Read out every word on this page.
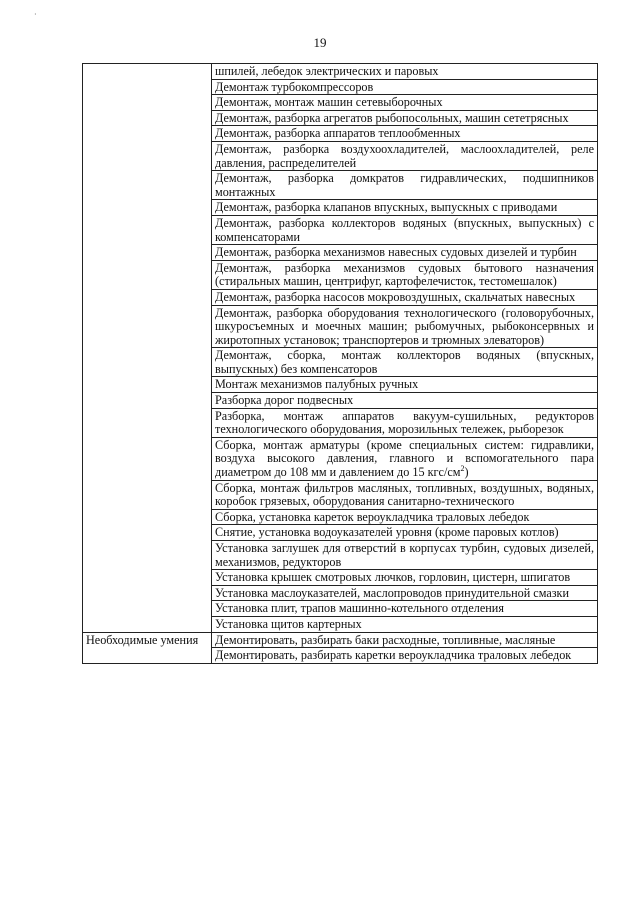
·
19
	шпилей, лебедок электрических и паровых
	Демонтаж турбокомпрессоров
	Демонтаж, монтаж машин сетевыборочных
	Демонтаж, разборка агрегатов рыбопосольных, машин сететрясных
	Демонтаж, разборка аппаратов теплообменных
	Демонтаж, разборка воздухоохладителей, маслоохладителей, реле давления, распределителей
	Демонтаж, разборка домкратов гидравлических, подшипников монтажных
	Демонтаж, разборка клапанов впускных, выпускных с приводами
	Демонтаж, разборка коллекторов водяных (впускных, выпускных) с компенсаторами
	Демонтаж, разборка механизмов навесных судовых дизелей и турбин
	Демонтаж, разборка механизмов судовых бытового назначения (стиральных машин, центрифуг, картофелечисток, тестомешалок)
	Демонтаж, разборка насосов мокровоздушных, скальчатых навесных
	Демонтаж, разборка оборудования технологического (головорубочных, шкуросъемных и моечных машин; рыбомучных, рыбоконсервных и жиротопных установок; транспортеров и трюмных элеваторов)
	Демонтаж, сборка, монтаж коллекторов водяных (впускных, выпускных) без компенсаторов
	Монтаж механизмов палубных ручных
	Разборка дорог подвесных
	Разборка, монтаж аппаратов вакуум-сушильных, редукторов технологического оборудования, морозильных тележек, рыборезок
	Сборка, монтаж арматуры (кроме специальных систем: гидравлики, воздуха высокого давления, главного и вспомогательного пара диаметром до 108 мм и давлением до 15 кгс/$см^2$)
	Сборка, монтаж фильтров масляных, топливных, воздушных, водяных, коробок грязевых, оборудования санитарно-технического
	Сборка, установка кареток вероукладчика траловых лебедок
	Снятие, установка водоуказателей уровня (кроме паровых котлов)
	Установка заглушек для отверстий в корпусах турбин, судовых дизелей, механизмов, редукторов
	Установка крышек смотровых лючков, горловин, цистерн, шпигатов
	Установка маслоуказателей, маслопроводов принудительной смазки
	Установка плит, трапов машинно-котельного отделения
	Установка щитов картерных
Необходимые умения	Демонтировать, разбирать баки расходные, топливные, масляные
	Демонтировать, разбирать каретки вероукладчика траловых лебедок
